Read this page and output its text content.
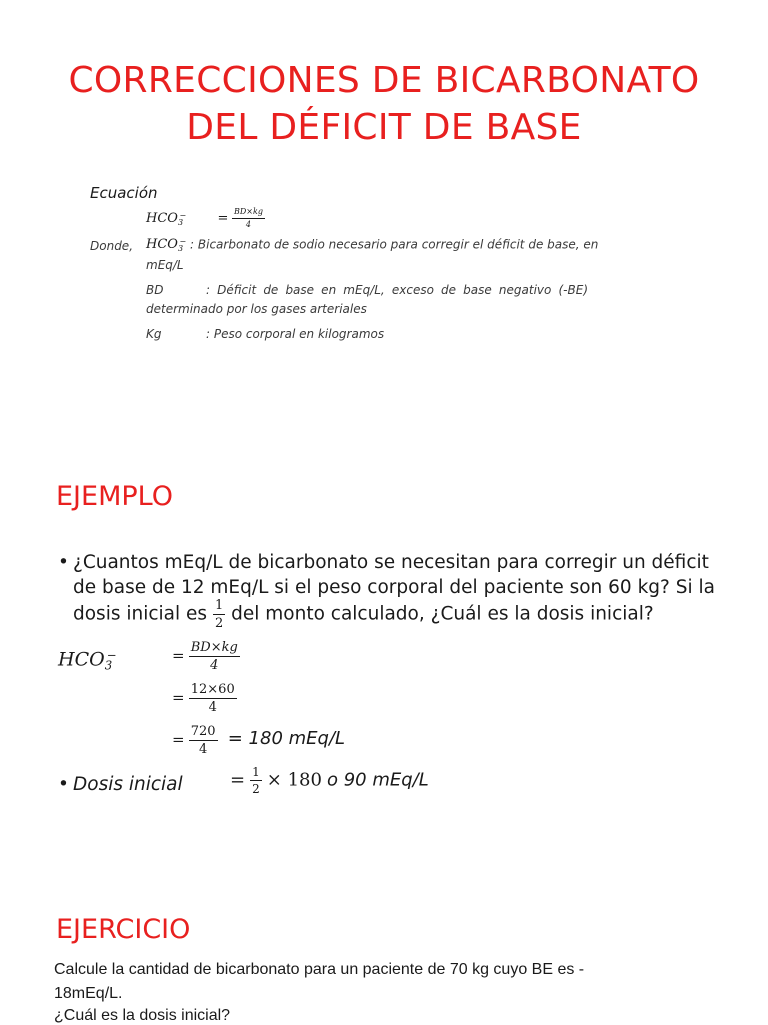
CORRECCIONES DE BICARBONATO
DEL DÉFICIT DE BASE
Ecuación
$HCO_3^- = \frac{BD\times kg}{4}$
Donde, $HCO_3^-$ : Bicarbonato de sodio necesario para corregir el déficit de base, en
mEq/L
BD	: Déficit de base en mEq/L, exceso de base negativo (-BE)
determinado por los gases arteriales
Kg	: Peso corporal en kilogramos
EJEMPLO
• ¿Cuantos mEq/L de bicarbonato se necesitan para corregir un déficit
de base de 12 mEq/L si el peso corporal del paciente son 60 kg? Si la
dosis inicial es $\frac{1}{2}$ del monto calculado, ¿Cuál es la dosis inicial?
$HCO_3^-$	= $\frac{BD\times kg}{4}$
= $\frac{12\times 60}{4}$
= $\frac{720}{4} = 180$ mEq/L
• Dosis inicial	= $\frac{1}{2} \times 180$ o 90 mEq/L
EJERCICIO
Calcule la cantidad de bicarbonato para un paciente de 70 kg cuyo BE es -
18mEq/L.
¿Cuál es la dosis inicial?
